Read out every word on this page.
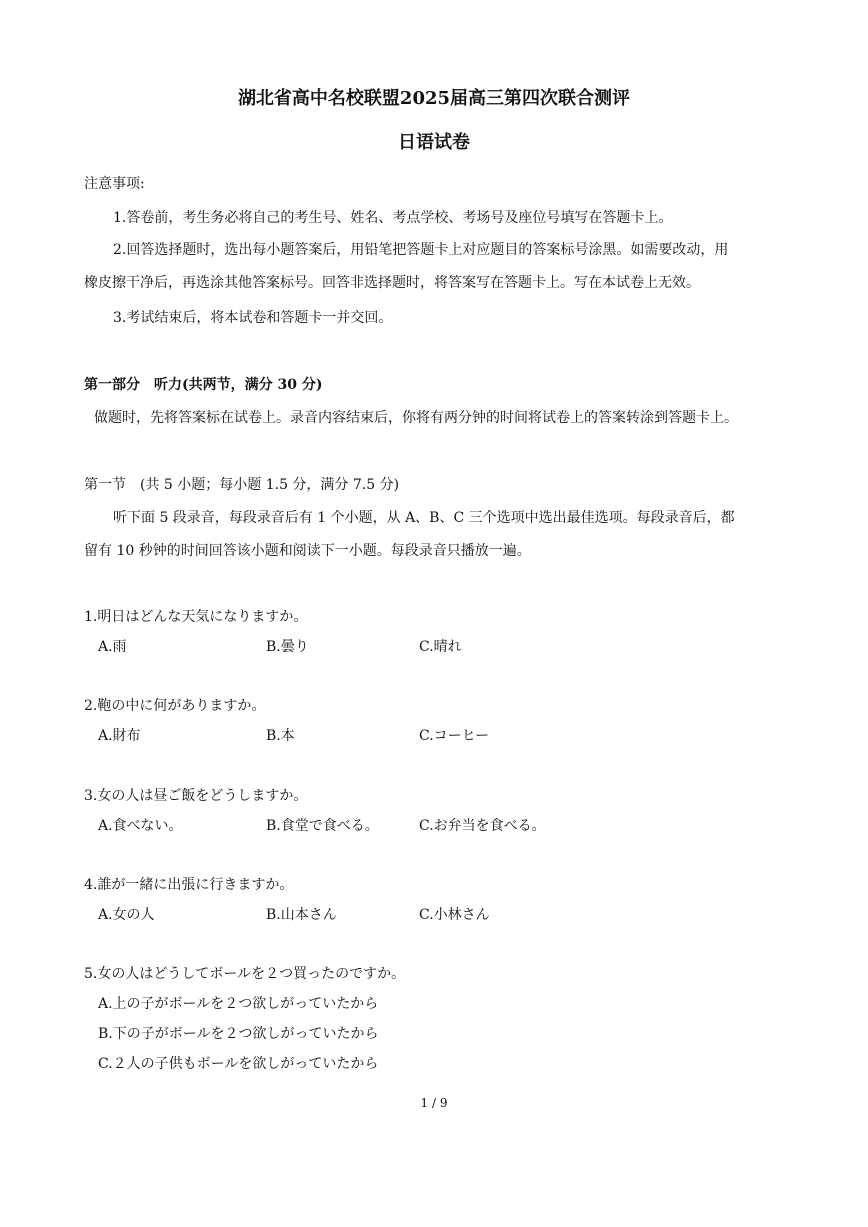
湖北省高中名校联盟2025届高三第四次联合测评
日语试卷
注意事项:
1.答卷前，考生务必将自己的考生号、姓名、考点学校、考场号及座位号填写在答题卡上。
2.回答选择题时，选出每小题答案后，用铅笔把答题卡上对应题目的答案标号涂黑。如需要改动，用
橡皮擦干净后，再选涂其他答案标号。回答非选择题时，将答案写在答题卡上。写在本试卷上无效。
3.考试结束后，将本试卷和答题卡一并交回。
第一部分　听力(共两节，满分 30 分)
做题时，先将答案标在试卷上。录音内容结束后，你将有两分钟的时间将试卷上的答案转涂到答题卡上。
第一节　(共 5 小题；每小题 1.5 分，满分 7.5 分)
听下面 5 段录音，每段录音后有 1 个小题，从 A、B、C 三个选项中选出最佳选项。每段录音后，都
留有 10 秒钟的时间回答该小题和阅读下一小题。每段录音只播放一遍。
1.明日はどんな天気になりますか。
A.雨	B.曇り	C.晴れ
2.鞄の中に何がありますか。
A.財布	B.本	C.コーヒー
3.女の人は昼ご飯をどうしますか。
A.食べない。	B.食堂で食べる。	C.お弁当を食べる。
4.誰が一緒に出張に行きますか。
A.女の人	B.山本さん	C.小林さん
5.女の人はどうしてボールを２つ買ったのですか。
A.上の子がボールを２つ欲しがっていたから
B.下の子がボールを２つ欲しがっていたから
C.２人の子供もボールを欲しがっていたから
1 / 9
